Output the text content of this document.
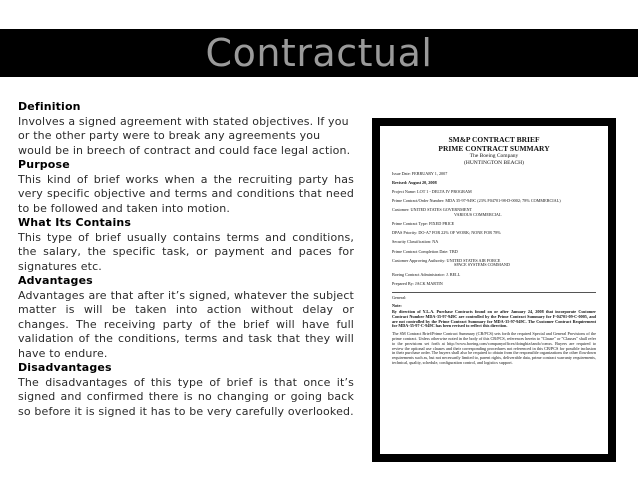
Contractual
Definition
Involves a signed agreement with stated objectives. If you or the other party were to break any agreements you would be in breech of contract and could face legal action.
Purpose
This kind of brief works when a the recruiting party has very specific objective and terms and conditions that need to be followed and taken into motion.
What Its Contains
This type of brief usually contains terms and conditions, the salary, the specific task, or payment and paces for signatures etc.
Advantages
Advantages are that after it’s signed, whatever the subject matter is will be taken into action without delay or changes. The receiving party of the brief will have full validation of the conditions, terms and task that they will have to endure.
Disadvantages
The disadvantages of this type of brief is that once it’s signed and confirmed there is no changing or going back so before it is signed it has to be very carefully overlooked.
SM&P CONTRACT BRIEF
PRIME CONTRACT SUMMARY
The Boeing Company
(HUNTINGTON BEACH)
Issue Date: FEBRUARY 1, 2007
Revised: August 20, 2008
Project Name: LOT 1 - DELTA IV PROGRAM
Prime Contract/Order Number: MDA 35-97-949C (23% F04701-98-D-0002; 78% COMMERCIAL)
Customer: UNITED STATES GOVERNMENT
VARIOUS COMMERCIAL
Prime Contract Type: FIXED PRICE
DPAS Priority: DO-A7 FOR 22% OF WORK; NONE FOR 78%
Security Classification: NA
Prime Contract Completion Date: TBD
Customer Approving Authority: UNITED STATES AIR FORCE
SPACE SYSTEMS COMMAND
Boeing Contract Administrator: J. BELL
Prepared By: JACK MARTIN

General:

Note:

By direction of Y.L.A. Purchase Contracts found on or after January 24, 2008 that incorporate Customer Contract Number MDA-35-97-949C are controlled by the Prime Contract Summary for F-04701-09-C-0005, and are not controlled by the Prime Contract Summary for MDA-35-97-949C. The Customer Contract Requirement for MDA-35-97-C-949C has been revised to reflect this direction.

The SM Contract Brief/Prime Contract Summary (CB/PCS) sets forth the required Special and General Provisions of the prime contract. Unless otherwise noted in the body of this CB/PCS, references herein to "Clause" or "Clauses" shall refer to the provisions set forth at http://www.boeing.com/companyoffices/doingbiz/tandc/ccmss. Buyers are required to review the optional use clauses and their corresponding procedures not referenced in this CB/PCS for possible inclusion in their purchase order. The buyers shall also be required to obtain from the responsible organizations the other flowdown requirements such as, but not necessarily limited to, parent rights, deliverable data, prime contract warranty requirements, technical, quality, schedule, configuration control, and logistics support.
